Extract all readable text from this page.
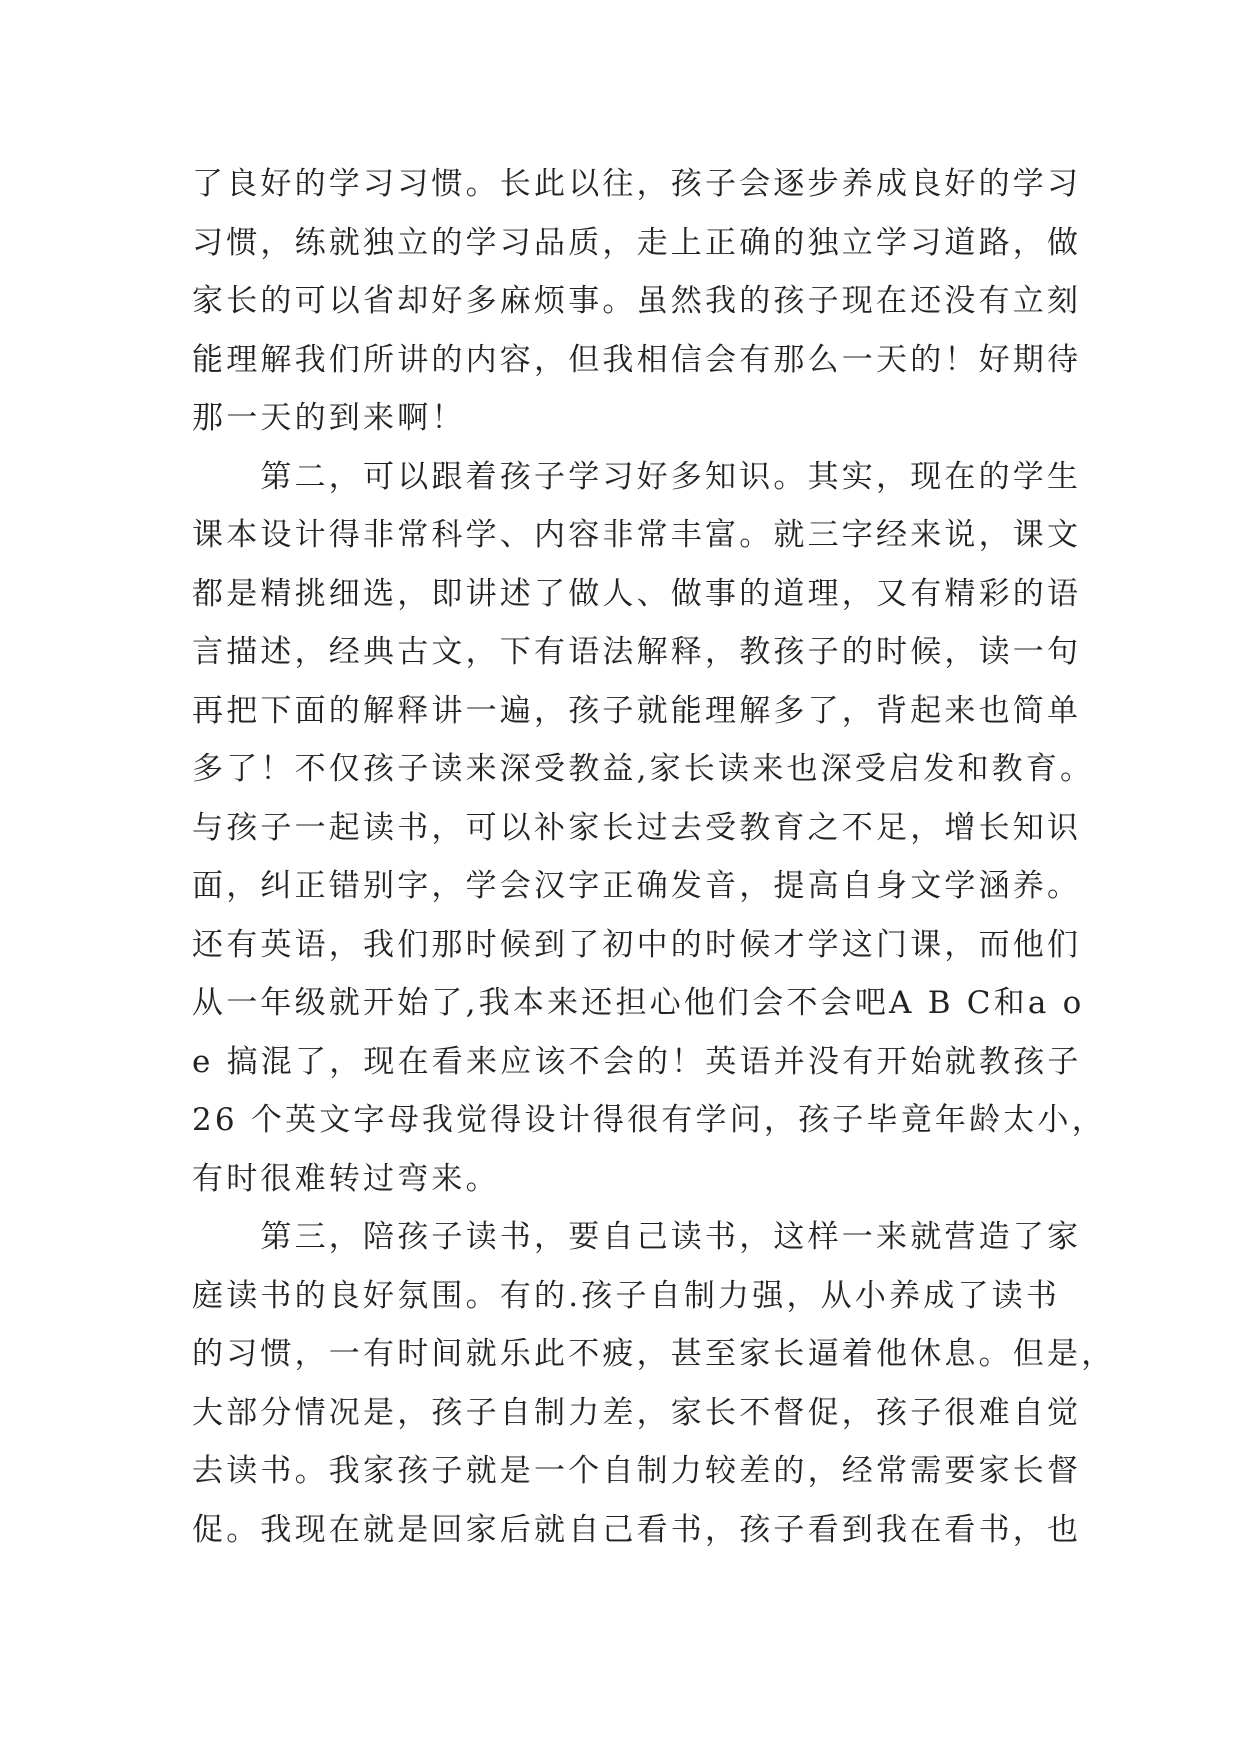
了良好的学习习惯。长此以往，孩子会逐步养成良好的学习
习惯，练就独立的学习品质，走上正确的独立学习道路，做
家长的可以省却好多麻烦事。虽然我的孩子现在还没有立刻
能理解我们所讲的内容，但我相信会有那么一天的！好期待
那一天的到来啊！
　　第二，可以跟着孩子学习好多知识。其实，现在的学生
课本设计得非常科学、内容非常丰富。就三字经来说，课文
都是精挑细选，即讲述了做人、做事的道理，又有精彩的语
言描述，经典古文，下有语法解释，教孩子的时候，读一句
再把下面的解释讲一遍，孩子就能理解多了，背起来也简单
多了！不仅孩子读来深受教益,家长读来也深受启发和教育。
与孩子一起读书，可以补家长过去受教育之不足，增长知识
面，纠正错别字，学会汉字正确发音，提高自身文学涵养。
还有英语，我们那时候到了初中的时候才学这门课，而他们
从一年级就开始了,我本来还担心他们会不会吧A B C和a o
e 搞混了，现在看来应该不会的！英语并没有开始就教孩子
26 个英文字母我觉得设计得很有学问，孩子毕竟年龄太小，
有时很难转过弯来。
　　第三，陪孩子读书，要自己读书，这样一来就营造了家
庭读书的良好氛围。有的.孩子自制力强，从小养成了读书
的习惯，一有时间就乐此不疲，甚至家长逼着他休息。但是，
大部分情况是，孩子自制力差，家长不督促，孩子很难自觉
去读书。我家孩子就是一个自制力较差的，经常需要家长督
促。我现在就是回家后就自己看书，孩子看到我在看书，也
